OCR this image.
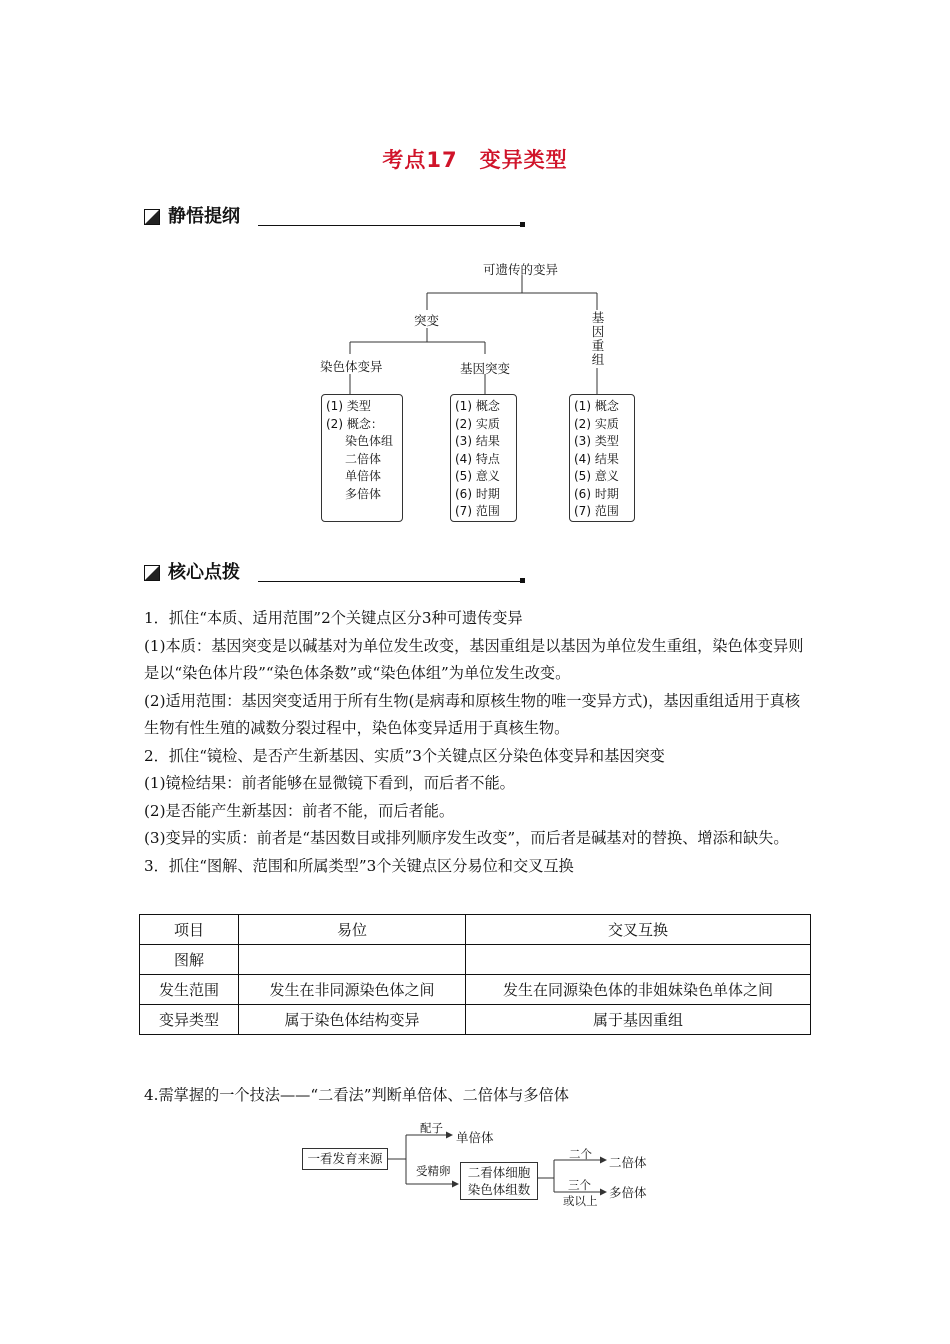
考点17　变异类型
静悟提纲
可遗传的变异
突变	基
因
重
组
染色体变异	基因突变
(1) 类型
(2) 概念：
染色体组
二倍体
单倍体
多倍体
(1) 概念
(2) 实质
(3) 结果
(4) 特点
(5) 意义
(6) 时期
(7) 范围
(1) 概念
(2) 实质
(3) 类型
(4) 结果
(5) 意义
(6) 时期
(7) 范围
核心点拨

1．抓住“本质、适用范围”2个关键点区分3种可遗传变异

(1)本质：基因突变是以碱基对为单位发生改变，基因重组是以基因为单位发生重组，染色体变异则是以“染色体片段”“染色体条数”或“染色体组”为单位发生改变。

(2)适用范围：基因突变适用于所有生物(是病毒和原核生物的唯一变异方式)，基因重组适用于真核生物有性生殖的减数分裂过程中，染色体变异适用于真核生物。

2．抓住“镜检、是否产生新基因、实质”3个关键点区分染色体变异和基因突变

(1)镜检结果：前者能够在显微镜下看到，而后者不能。

(2)是否能产生新基因：前者不能，而后者能。

(3)变异的实质：前者是“基因数目或排列顺序发生改变”，而后者是碱基对的替换、增添和缺失。

3．抓住“图解、范围和所属类型”3个关键点区分易位和交叉互换

项目	易位	交叉互换
图解		
发生范围	发生在非同源染色体之间	发生在同源染色体的非姐妹染色单体之间
变异类型	属于染色体结构变异	属于基因重组
4.需掌握的一个技法——“二看法”判断单倍体、二倍体与多倍体
一看发育来源
配子
单倍体
受精卵	二看体细胞
染色体组数
二个
二倍体
三个
或以上
多倍体
